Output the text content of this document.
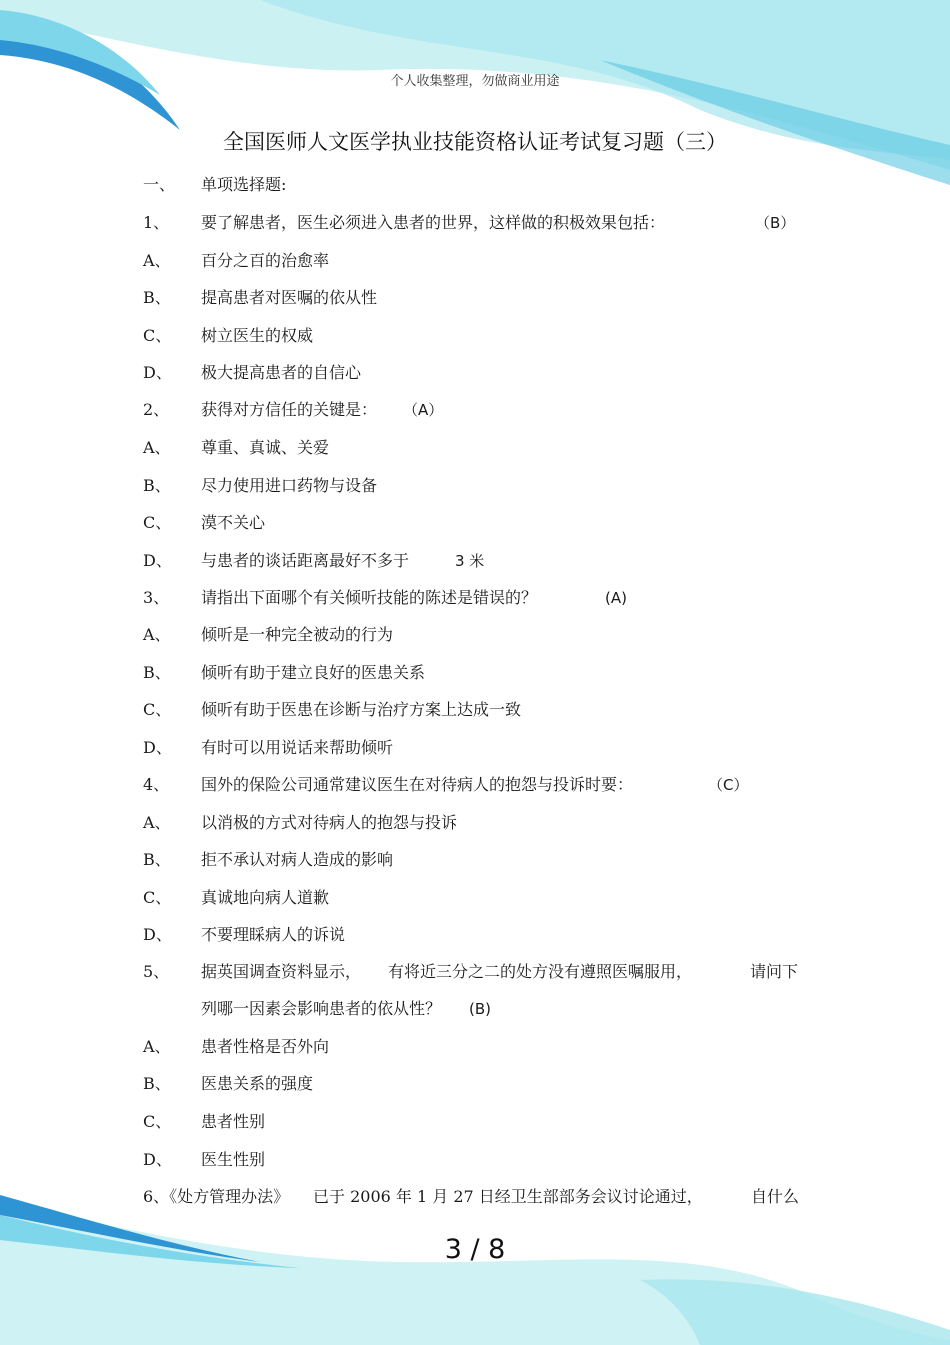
个人收集整理，勿做商业用途
全国医师人文医学执业技能资格认证考试复习题（三）
一、 单项选择题:
1、 要了解患者，医生必须进入患者的世界，这样做的积极效果包括：	（B）
A、 百分之百的治愈率
B、 提高患者对医嘱的依从性
C、 树立医生的权威
D、 极大提高患者的自信心
2、 获得对方信任的关键是： （A）
A、 尊重、真诚、关爱
B、 尽力使用进口药物与设备
C、 漠不关心
D、 与患者的谈话距离最好不多于	3 米
3、 请指出下面哪个有关倾听技能的陈述是错误的？	(A)
A、 倾听是一种完全被动的行为
B、 倾听有助于建立良好的医患关系
C、 倾听有助于医患在诊断与治疗方案上达成一致
D、 有时可以用说话来帮助倾听
4、 国外的保险公司通常建议医生在对待病人的抱怨与投诉时要：	（C）
A、 以消极的方式对待病人的抱怨与投诉
B、 拒不承认对病人造成的影响
C、 真诚地向病人道歉
D、 不要理睬病人的诉说
5、 据英国调查资料显示， 有将近三分之二的处方没有遵照医嘱服用，	请问下
列哪一因素会影响患者的依从性？ (B)
A、 患者性格是否外向
B、 医患关系的强度
C、 患者性别
D、 医生性别
6、《处方管理办法》 已于 2006 年 1 月 27 日经卫生部部务会议讨论通过，	自什么
3 / 8
